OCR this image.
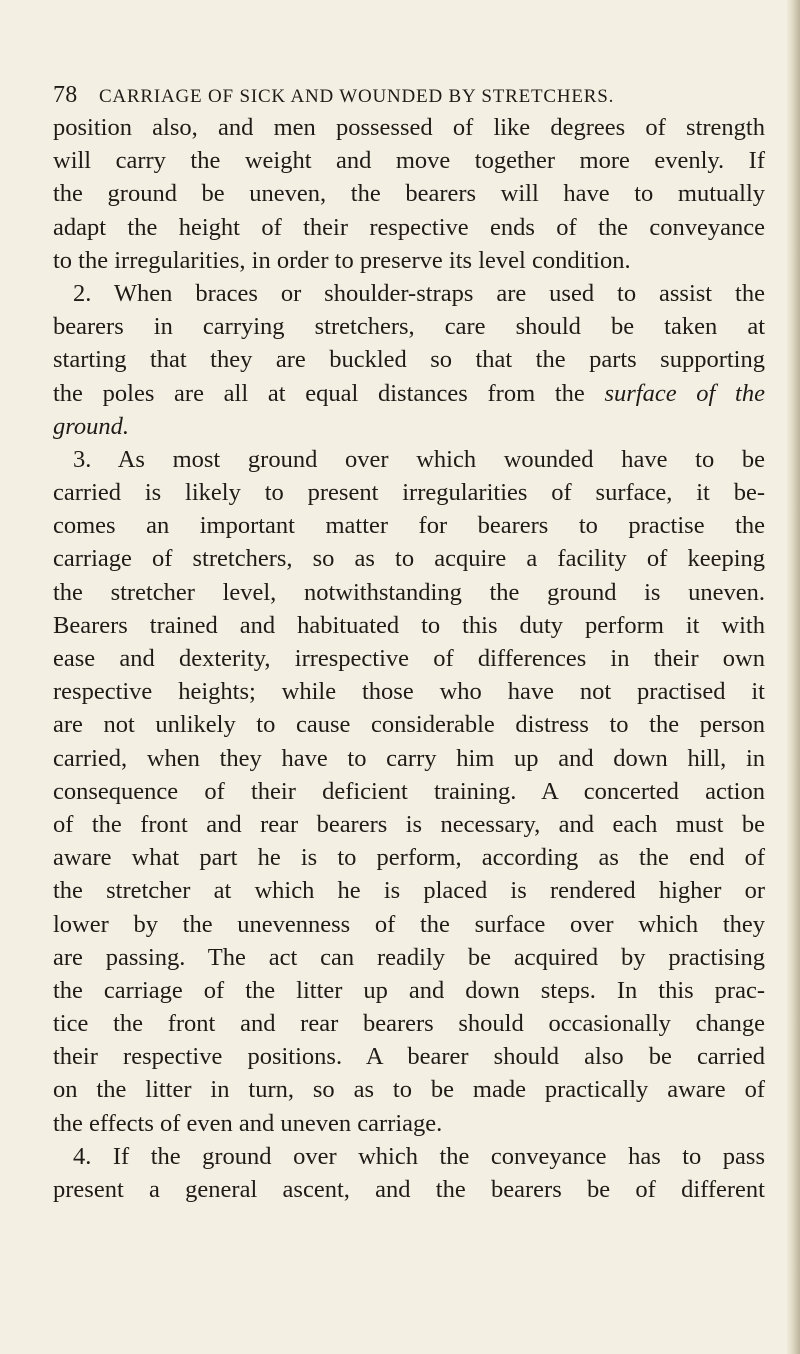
78 CARRIAGE OF SICK AND WOUNDED BY STRETCHERS.
position also, and men possessed of like degrees of strength
will carry the weight and move together more evenly. If
the ground be uneven, the bearers will have to mutually
adapt the height of their respective ends of the conveyance
to the irregularities, in order to preserve its level condition.
2. When braces or shoulder-straps are used to assist the
bearers in carrying stretchers, care should be taken at
starting that they are buckled so that the parts supporting
the poles are all at equal distances from the surface of the
ground.
3. As most ground over which wounded have to be
carried is likely to present irregularities of surface, it be-
comes an important matter for bearers to practise the
carriage of stretchers, so as to acquire a facility of keeping
the stretcher level, notwithstanding the ground is uneven.
Bearers trained and habituated to this duty perform it with
ease and dexterity, irrespective of differences in their own
respective heights; while those who have not practised it
are not unlikely to cause considerable distress to the person
carried, when they have to carry him up and down hill, in
consequence of their deficient training. A concerted action
of the front and rear bearers is necessary, and each must be
aware what part he is to perform, according as the end of
the stretcher at which he is placed is rendered higher or
lower by the unevenness of the surface over which they
are passing. The act can readily be acquired by practising
the carriage of the litter up and down steps. In this prac-
tice the front and rear bearers should occasionally change
their respective positions. A bearer should also be carried
on the litter in turn, so as to be made practically aware of
the effects of even and uneven carriage.
4. If the ground over which the conveyance has to pass
present a general ascent, and the bearers be of different
